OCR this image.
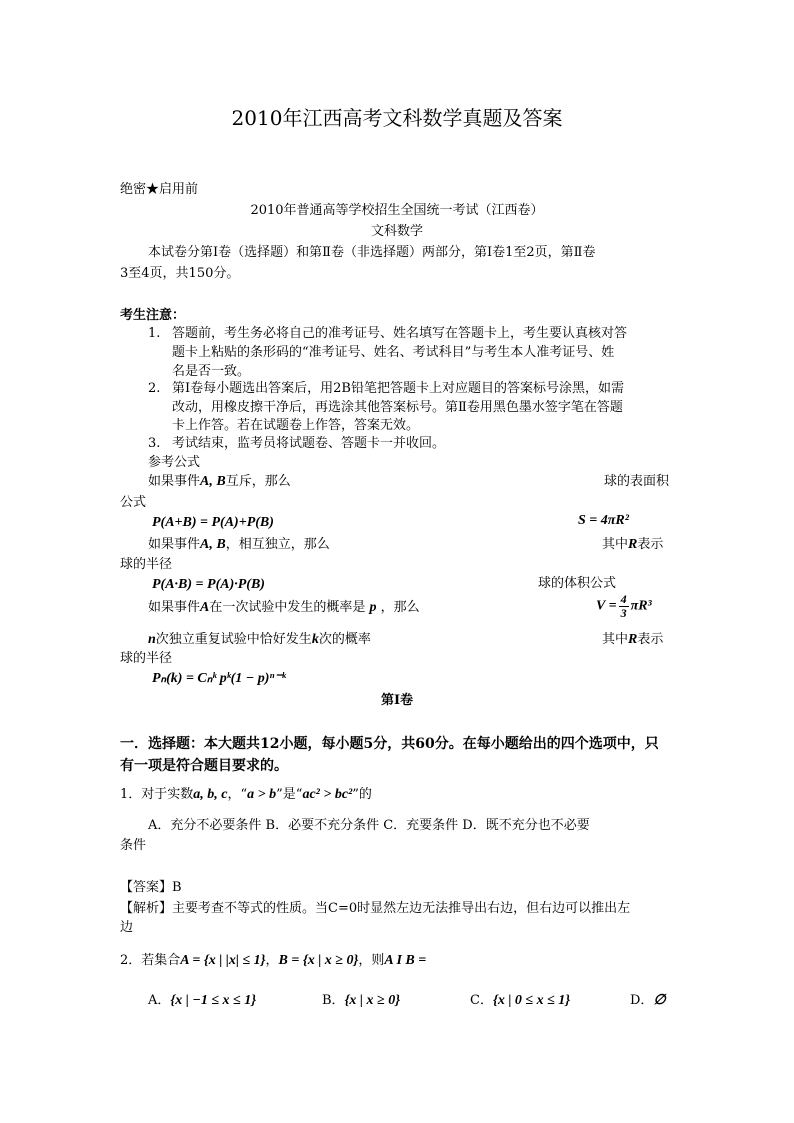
2010年江西高考文科数学真题及答案
绝密★启用前
2010年普通高等学校招生全国统一考试（江西卷）
文科数学
本试卷分第Ⅰ卷（选择题）和第Ⅱ卷（非选择题）两部分，第Ⅰ卷1至2页，第Ⅱ卷
3至4页，共150分。
考生注意：
1. 答题前，考生务必将自己的准考证号、姓名填写在答题卡上，考生要认真核对答
题卡上粘贴的条形码的“准考证号、姓名、考试科目”与考生本人准考证号、姓
名是否一致。
2. 第Ⅰ卷每小题选出答案后，用2B铅笔把答题卡上对应题目的答案标号涂黑，如需
改动，用橡皮擦干净后，再选涂其他答案标号。第Ⅱ卷用黑色墨水签字笔在答题
卡上作答。若在试题卷上作答，答案无效。
3. 考试结束，监考员将试题卷、答题卡一并收回。
参考公式
如果事件A, B互斥，那么	球的表面积
公式
P(A+B) = P(A)+P(B)	S = 4πR²
如果事件A, B，相互独立，那么	其中R表示
球的半径
P(A·B) = P(A)·P(B)	球的体积公式
如果事件A在一次试验中发生的概率是 p ，那么	$V = \frac{4}{3} \pi R^3$
n次独立重复试验中恰好发生k次的概率	其中R表示
球的半径
Pₙ(k) = Cₙᵏ pᵏ(1 − p)ⁿ⁻ᵏ
第Ⅰ卷
一．选择题：本大题共12小题，每小题5分，共60分。在每小题给出的四个选项中，只
有一项是符合题目要求的。
1．对于实数a, b, c，“a > b”是“ac² > bc²”的
A．充分不必要条件 B．必要不充分条件 C．充要条件 D．既不充分也不必要
条件
【答案】B
【解析】主要考查不等式的性质。当C=0时显然左边无法推导出右边，但右边可以推出左
边
2．若集合A = {x | |x| ≤ 1}，B = {x | x ≥ 0}，则A I B =
A．{x | −1 ≤ x ≤ 1}	B．{x | x ≥ 0}	C．{x | 0 ≤ x ≤ 1}	D．∅
